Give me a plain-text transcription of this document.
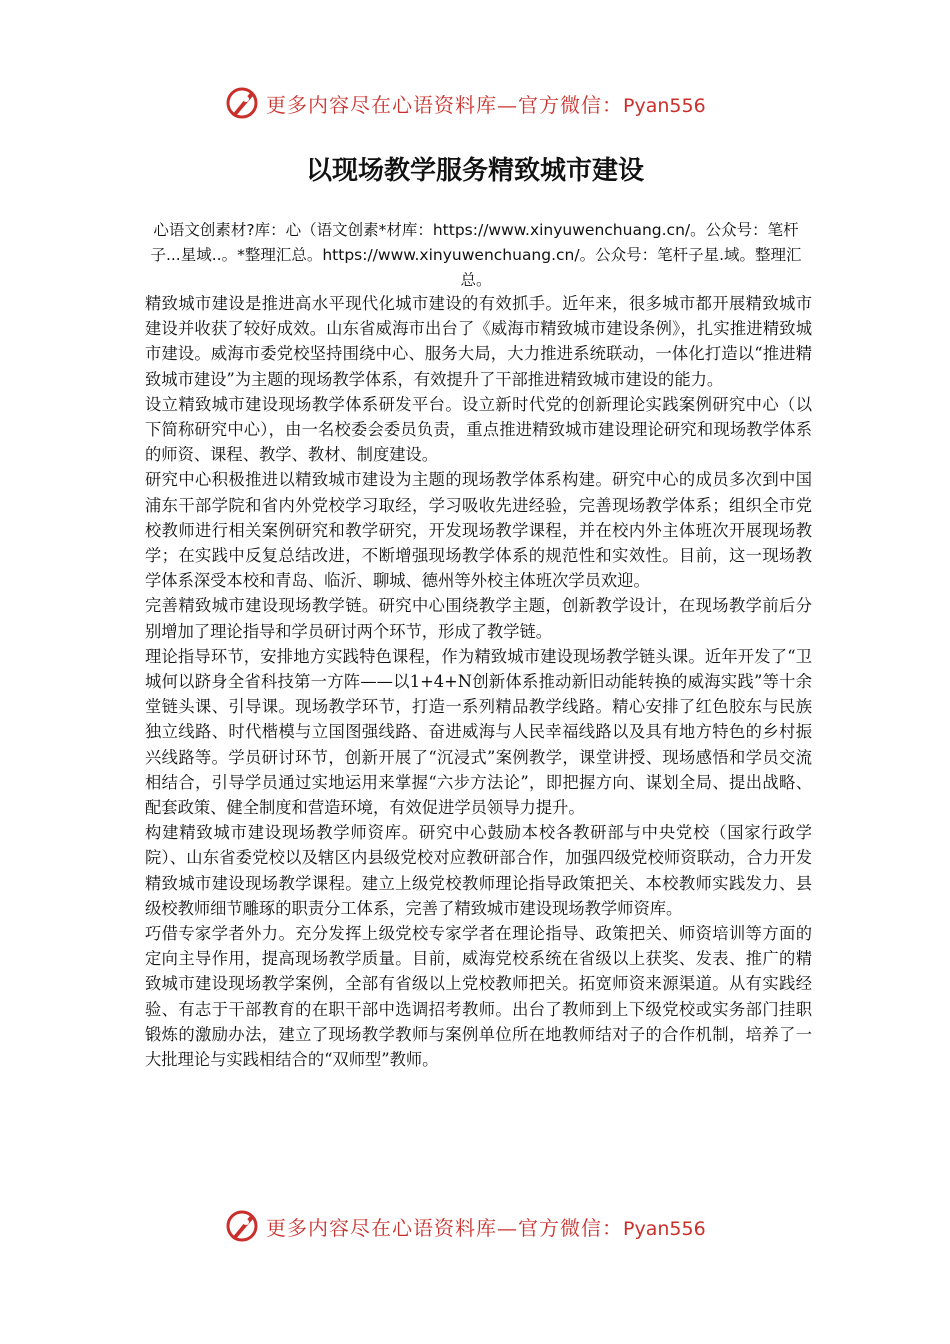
更多内容尽在心语资料库—官方微信：Pyan556
以现场教学服务精致城市建设
心语文创素材?库：心（语文创素*材库：https://www.xinyuwenchuang.cn/。公众号：笔杆子...星域..。*整理汇总。https://www.xinyuwenchuang.cn/。公众号：笔杆子星.域。整理汇总。

精致城市建设是推进高水平现代化城市建设的有效抓手。近年来，很多城市都开展精致城市建设并收获了较好成效。山东省威海市出台了《威海市精致城市建设条例》，扎实推进精致城市建设。威海市委党校坚持围绕中心、服务大局，大力推进系统联动，一体化打造以“推进精致城市建设”为主题的现场教学体系，有效提升了干部推进精致城市建设的能力。

设立精致城市建设现场教学体系研发平台。设立新时代党的创新理论实践案例研究中心（以下简称研究中心），由一名校委会委员负责，重点推进精致城市建设理论研究和现场教学体系的师资、课程、教学、教材、制度建设。

研究中心积极推进以精致城市建设为主题的现场教学体系构建。研究中心的成员多次到中国浦东干部学院和省内外党校学习取经，学习吸收先进经验，完善现场教学体系；组织全市党校教师进行相关案例研究和教学研究，开发现场教学课程，并在校内外主体班次开展现场教学；在实践中反复总结改进，不断增强现场教学体系的规范性和实效性。目前，这一现场教学体系深受本校和青岛、临沂、聊城、德州等外校主体班次学员欢迎。

完善精致城市建设现场教学链。研究中心围绕教学主题，创新教学设计，在现场教学前后分别增加了理论指导和学员研讨两个环节，形成了教学链。

理论指导环节，安排地方实践特色课程，作为精致城市建设现场教学链头课。近年开发了“卫城何以跻身全省科技第一方阵——以1+4+N创新体系推动新旧动能转换的威海实践”等十余堂链头课、引导课。现场教学环节，打造一系列精品教学线路。精心安排了红色胶东与民族独立线路、时代楷模与立国图强线路、奋进威海与人民幸福线路以及具有地方特色的乡村振兴线路等。学员研讨环节，创新开展了“沉浸式”案例教学，课堂讲授、现场感悟和学员交流相结合，引导学员通过实地运用来掌握“六步方法论”，即把握方向、谋划全局、提出战略、配套政策、健全制度和营造环境，有效促进学员领导力提升。

构建精致城市建设现场教学师资库。研究中心鼓励本校各教研部与中央党校（国家行政学院）、山东省委党校以及辖区内县级党校对应教研部合作，加强四级党校师资联动，合力开发精致城市建设现场教学课程。建立上级党校教师理论指导政策把关、本校教师实践发力、县级校教师细节雕琢的职责分工体系，完善了精致城市建设现场教学师资库。

巧借专家学者外力。充分发挥上级党校专家学者在理论指导、政策把关、师资培训等方面的定向主导作用，提高现场教学质量。目前，威海党校系统在省级以上获奖、发表、推广的精致城市建设现场教学案例，全部有省级以上党校教师把关。拓宽师资来源渠道。从有实践经验、有志于干部教育的在职干部中选调招考教师。出台了教师到上下级党校或实务部门挂职锻炼的激励办法，建立了现场教学教师与案例单位所在地教师结对子的合作机制，培养了一大批理论与实践相结合的“双师型”教师。

更多内容尽在心语资料库—官方微信：Pyan556
